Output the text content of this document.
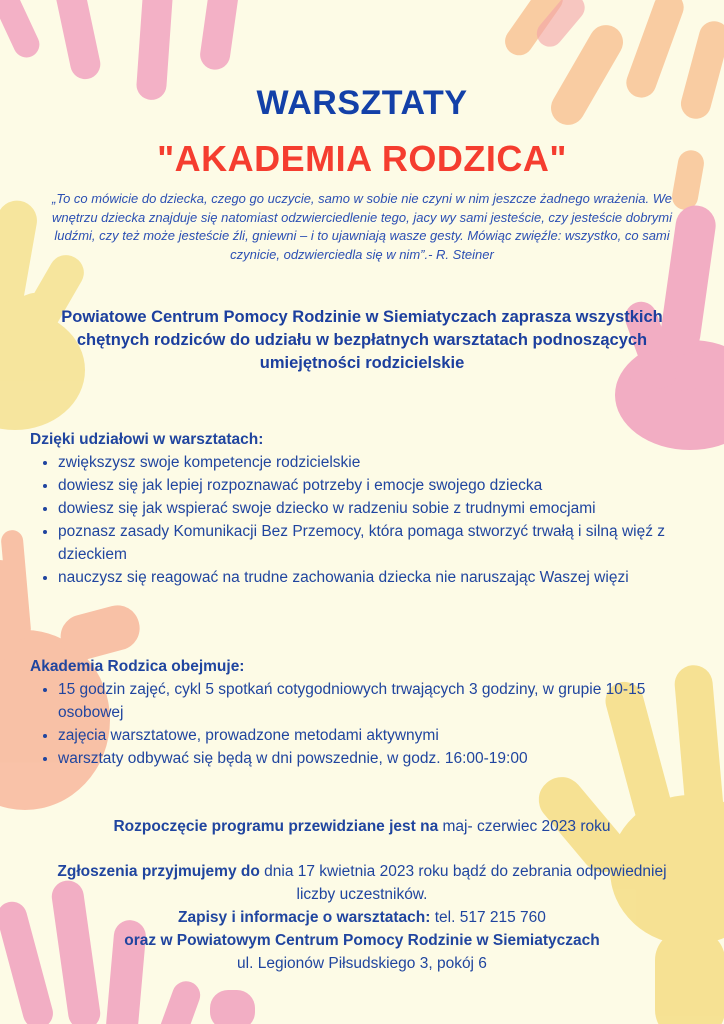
WARSZTATY
"AKADEMIA RODZICA"
„To co mówicie do dziecka, czego go uczycie, samo w sobie nie czyni w nim jeszcze żadnego wrażenia. We wnętrzu dziecka znajduje się natomiast odzwierciedlenie tego, jacy wy sami jesteście, czy jesteście dobrymi ludźmi, czy też może jesteście źli, gniewni – i to ujawniają wasze gesty. Mówiąc zwięźle: wszystko, co sami czynicie, odzwierciedla się w nim”.- R. Steiner
Powiatowe Centrum Pomocy Rodzinie w Siemiatyczach zaprasza wszystkich chętnych rodziców do udziału w bezpłatnych warsztatach podnoszących umiejętności rodzicielskie
Dzięki udziałowi w warsztatach:
• zwiększysz swoje kompetencje rodzicielskie
• dowiesz się jak lepiej rozpoznawać potrzeby i emocje swojego dziecka
• dowiesz się jak wspierać swoje dziecko w radzeniu sobie z trudnymi emocjami
• poznasz zasady Komunikacji Bez Przemocy, która pomaga stworzyć trwałą i silną więź z dzieckiem
• nauczysz się reagować na trudne zachowania dziecka nie naruszając Waszej więzi
Akademia Rodzica obejmuje:
• 15 godzin zajęć, cykl 5 spotkań cotygodniowych trwających 3 godziny, w grupie 10-15 osobowej
• zajęcia warsztatowe, prowadzone metodami aktywnymi
• warsztaty odbywać się będą w dni powszednie, w godz. 16:00-19:00
Rozpoczęcie programu przewidziane jest na maj- czerwiec 2023 roku
Zgłoszenia przyjmujemy do dnia 17 kwietnia 2023 roku bądź do zebrania odpowiedniej liczby uczestników.
Zapisy i informacje o warsztatach: tel. 517 215 760
oraz w Powiatowym Centrum Pomocy Rodzinie w Siemiatyczach
ul. Legionów Piłsudskiego 3, pokój 6
